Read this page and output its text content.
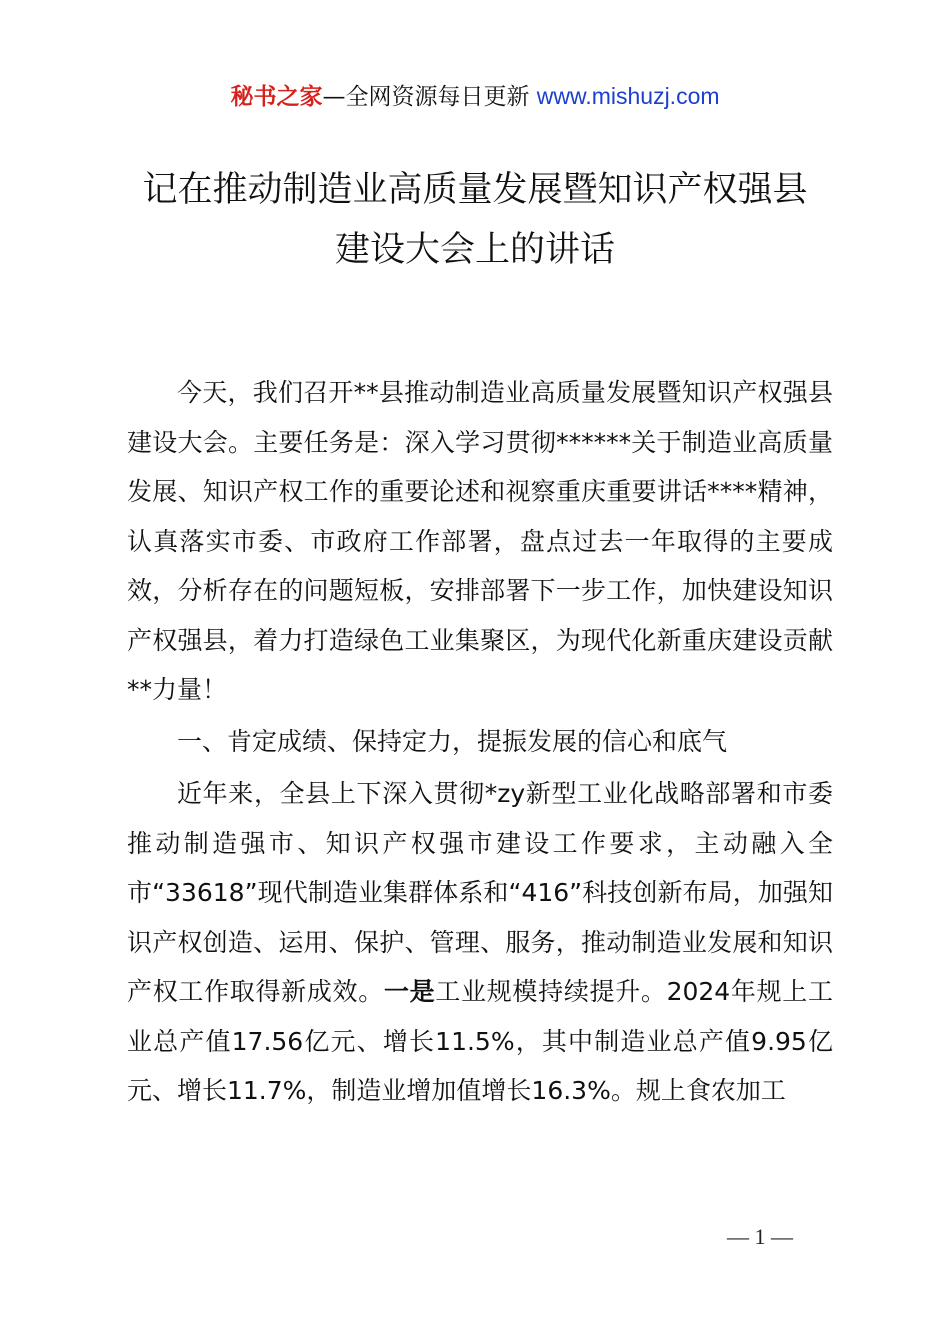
秘书之家—全网资源每日更新 www.mishuzj.com
记在推动制造业高质量发展暨知识产权强县
建设大会上的讲话

今天，我们召开**县推动制造业高质量发展暨知识产权强县建设大会。主要任务是：深入学习贯彻******关于制造业高质量发展、知识产权工作的重要论述和视察重庆重要讲话****精神，认真落实市委、市政府工作部署，盘点过去一年取得的主要成效，分析存在的问题短板，安排部署下一步工作，加快建设知识产权强县，着力打造绿色工业集聚区，为现代化新重庆建设贡献**力量！

一、肯定成绩、保持定力，提振发展的信心和底气

近年来，全县上下深入贯彻*zy新型工业化战略部署和市委推动制造强市、知识产权强市建设工作要求，主动融入全市“33618”现代制造业集群体系和“416”科技创新布局，加强知识产权创造、运用、保护、管理、服务，推动制造业发展和知识产权工作取得新成效。一是工业规模持续提升。2024年规上工业总产值17.56亿元、增长11.5%，其中制造业总产值9.95亿元、增长11.7%，制造业增加值增长16.3%。规上食农加工

— 1 —
